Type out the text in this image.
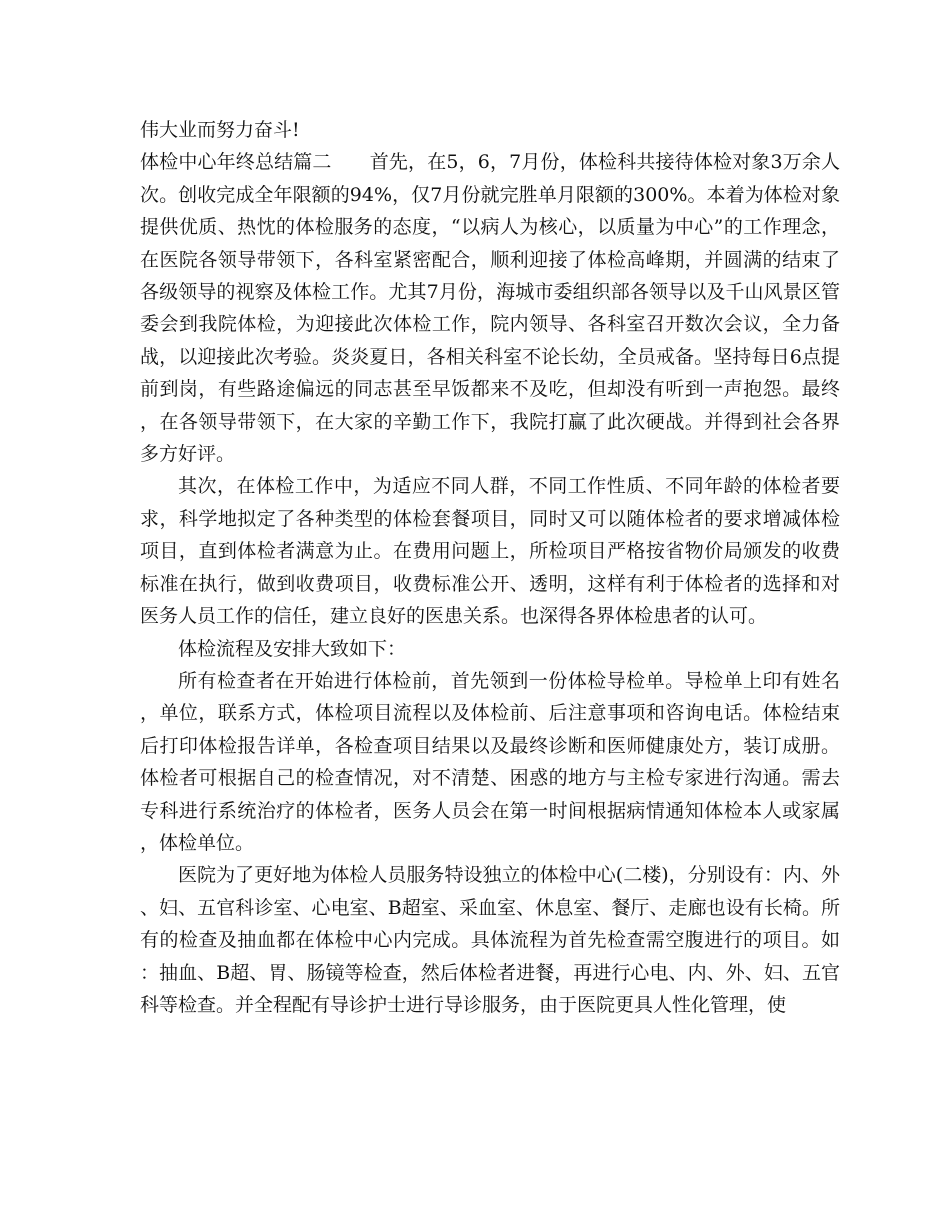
伟大业而努力奋斗!

体检中心年终总结篇二 首先，在5，6，7月份，体检科共接待体检对象3万余人次。创收完成全年限额的94%，仅7月份就完胜单月限额的300%。本着为体检对象提供优质、热忱的体检服务的态度，“以病人为核心，以质量为中心”的工作理念，在医院各领导带领下，各科室紧密配合，顺利迎接了体检高峰期，并圆满的结束了各级领导的视察及体检工作。尤其7月份，海城市委组织部各领导以及千山风景区管委会到我院体检，为迎接此次体检工作，院内领导、各科室召开数次会议，全力备战，以迎接此次考验。炎炎夏日，各相关科室不论长幼，全员戒备。坚持每日6点提前到岗，有些路途偏远的同志甚至早饭都来不及吃，但却没有听到一声抱怨。最终，在各领导带领下，在大家的辛勤工作下，我院打赢了此次硬战。并得到社会各界多方好评。

其次，在体检工作中，为适应不同人群，不同工作性质、不同年龄的体检者要求，科学地拟定了各种类型的体检套餐项目，同时又可以随体检者的要求增减体检项目，直到体检者满意为止。在费用问题上，所检项目严格按省物价局颁发的收费标准在执行，做到收费项目，收费标准公开、透明，这样有利于体检者的选择和对医务人员工作的信任，建立良好的医患关系。也深得各界体检患者的认可。

体检流程及安排大致如下：

所有检查者在开始进行体检前，首先领到一份体检导检单。导检单上印有姓名，单位，联系方式，体检项目流程以及体检前、后注意事项和咨询电话。体检结束后打印体检报告详单，各检查项目结果以及最终诊断和医师健康处方，装订成册。体检者可根据自己的检查情况，对不清楚、困惑的地方与主检专家进行沟通。需去专科进行系统治疗的体检者，医务人员会在第一时间根据病情通知体检本人或家属，体检单位。

医院为了更好地为体检人员服务特设独立的体检中心(二楼)，分别设有：内、外、妇、五官科诊室、心电室、B超室、采血室、休息室、餐厅、走廊也设有长椅。所有的检查及抽血都在体检中心内完成。具体流程为首先检查需空腹进行的项目。如：抽血、B超、胃、肠镜等检查，然后体检者进餐，再进行心电、内、外、妇、五官科等检查。并全程配有导诊护士进行导诊服务，由于医院更具人性化管理，使
